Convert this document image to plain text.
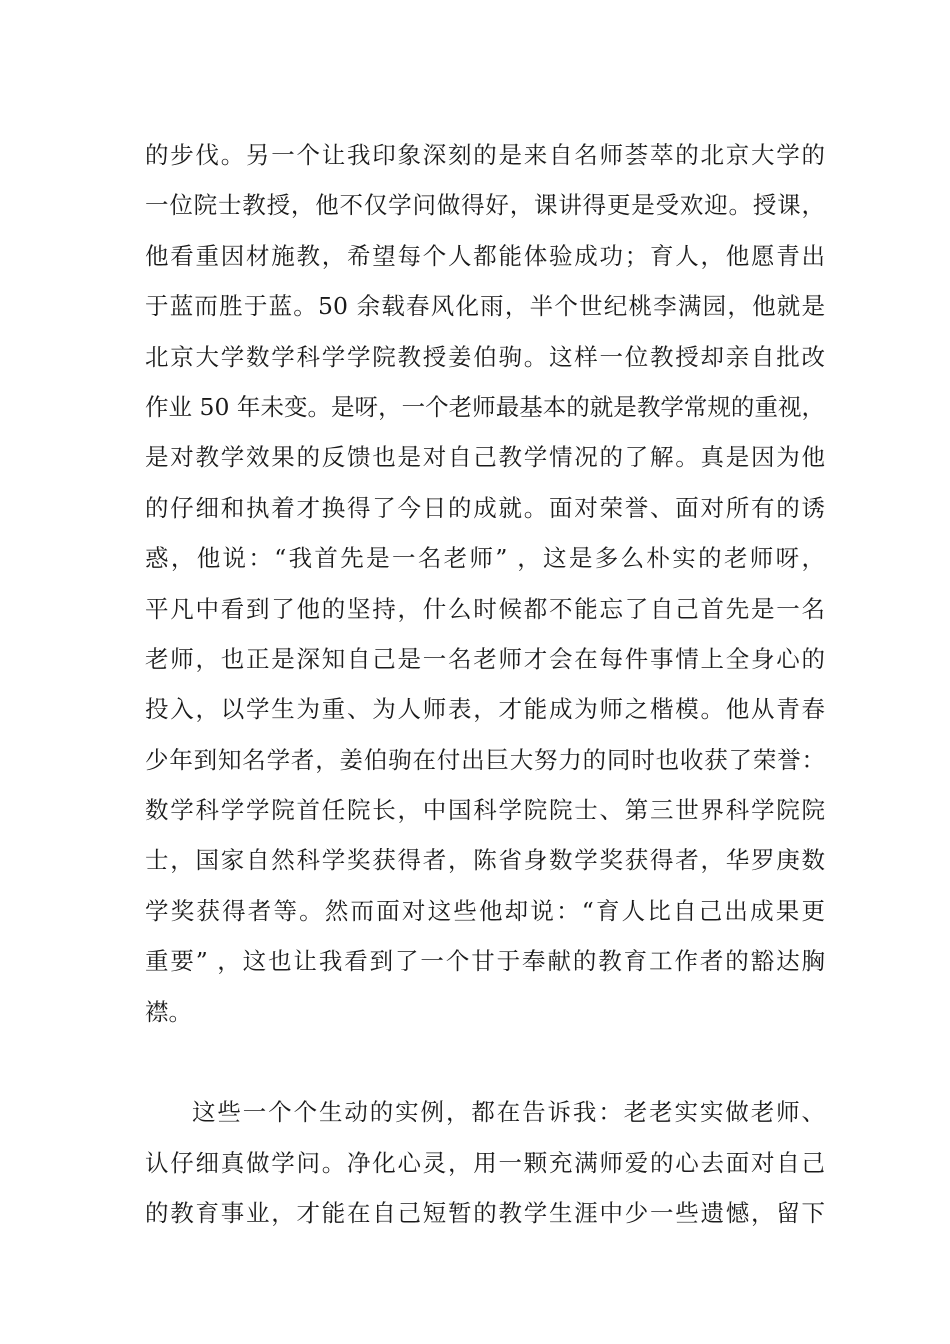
的步伐。另一个让我印象深刻的是来自名师荟萃的北京大学的
一位院士教授，他不仅学问做得好，课讲得更是受欢迎。授课，
他看重因材施教，希望每个人都能体验成功；育人，他愿青出
于蓝而胜于蓝。50 余载春风化雨，半个世纪桃李满园，他就是
北京大学数学科学学院教授姜伯驹。这样一位教授却亲自批改
作业 50 年未变。是呀，一个老师最基本的就是教学常规的重视，
是对教学效果的反馈也是对自己教学情况的了解。真是因为他
的仔细和执着才换得了今日的成就。面对荣誉、面对所有的诱
惑，他说：“我首先是一名老师” ，这是多么朴实的老师呀，
平凡中看到了他的坚持，什么时候都不能忘了自己首先是一名
老师，也正是深知自己是一名老师才会在每件事情上全身心的
投入，以学生为重、为人师表，才能成为师之楷模。他从青春
少年到知名学者，姜伯驹在付出巨大努力的同时也收获了荣誉：
数学科学学院首任院长，中国科学院院士、第三世界科学院院
士，国家自然科学奖获得者，陈省身数学奖获得者，华罗庚数
学奖获得者等。然而面对这些他却说：“育人比自己出成果更
重要” ，这也让我看到了一个甘于奉献的教育工作者的豁达胸
襟。
这些一个个生动的实例，都在告诉我：老老实实做老师、
认仔细真做学问。净化心灵，用一颗充满师爱的心去面对自己
的教育事业，才能在自己短暂的教学生涯中少一些遗憾，留下
